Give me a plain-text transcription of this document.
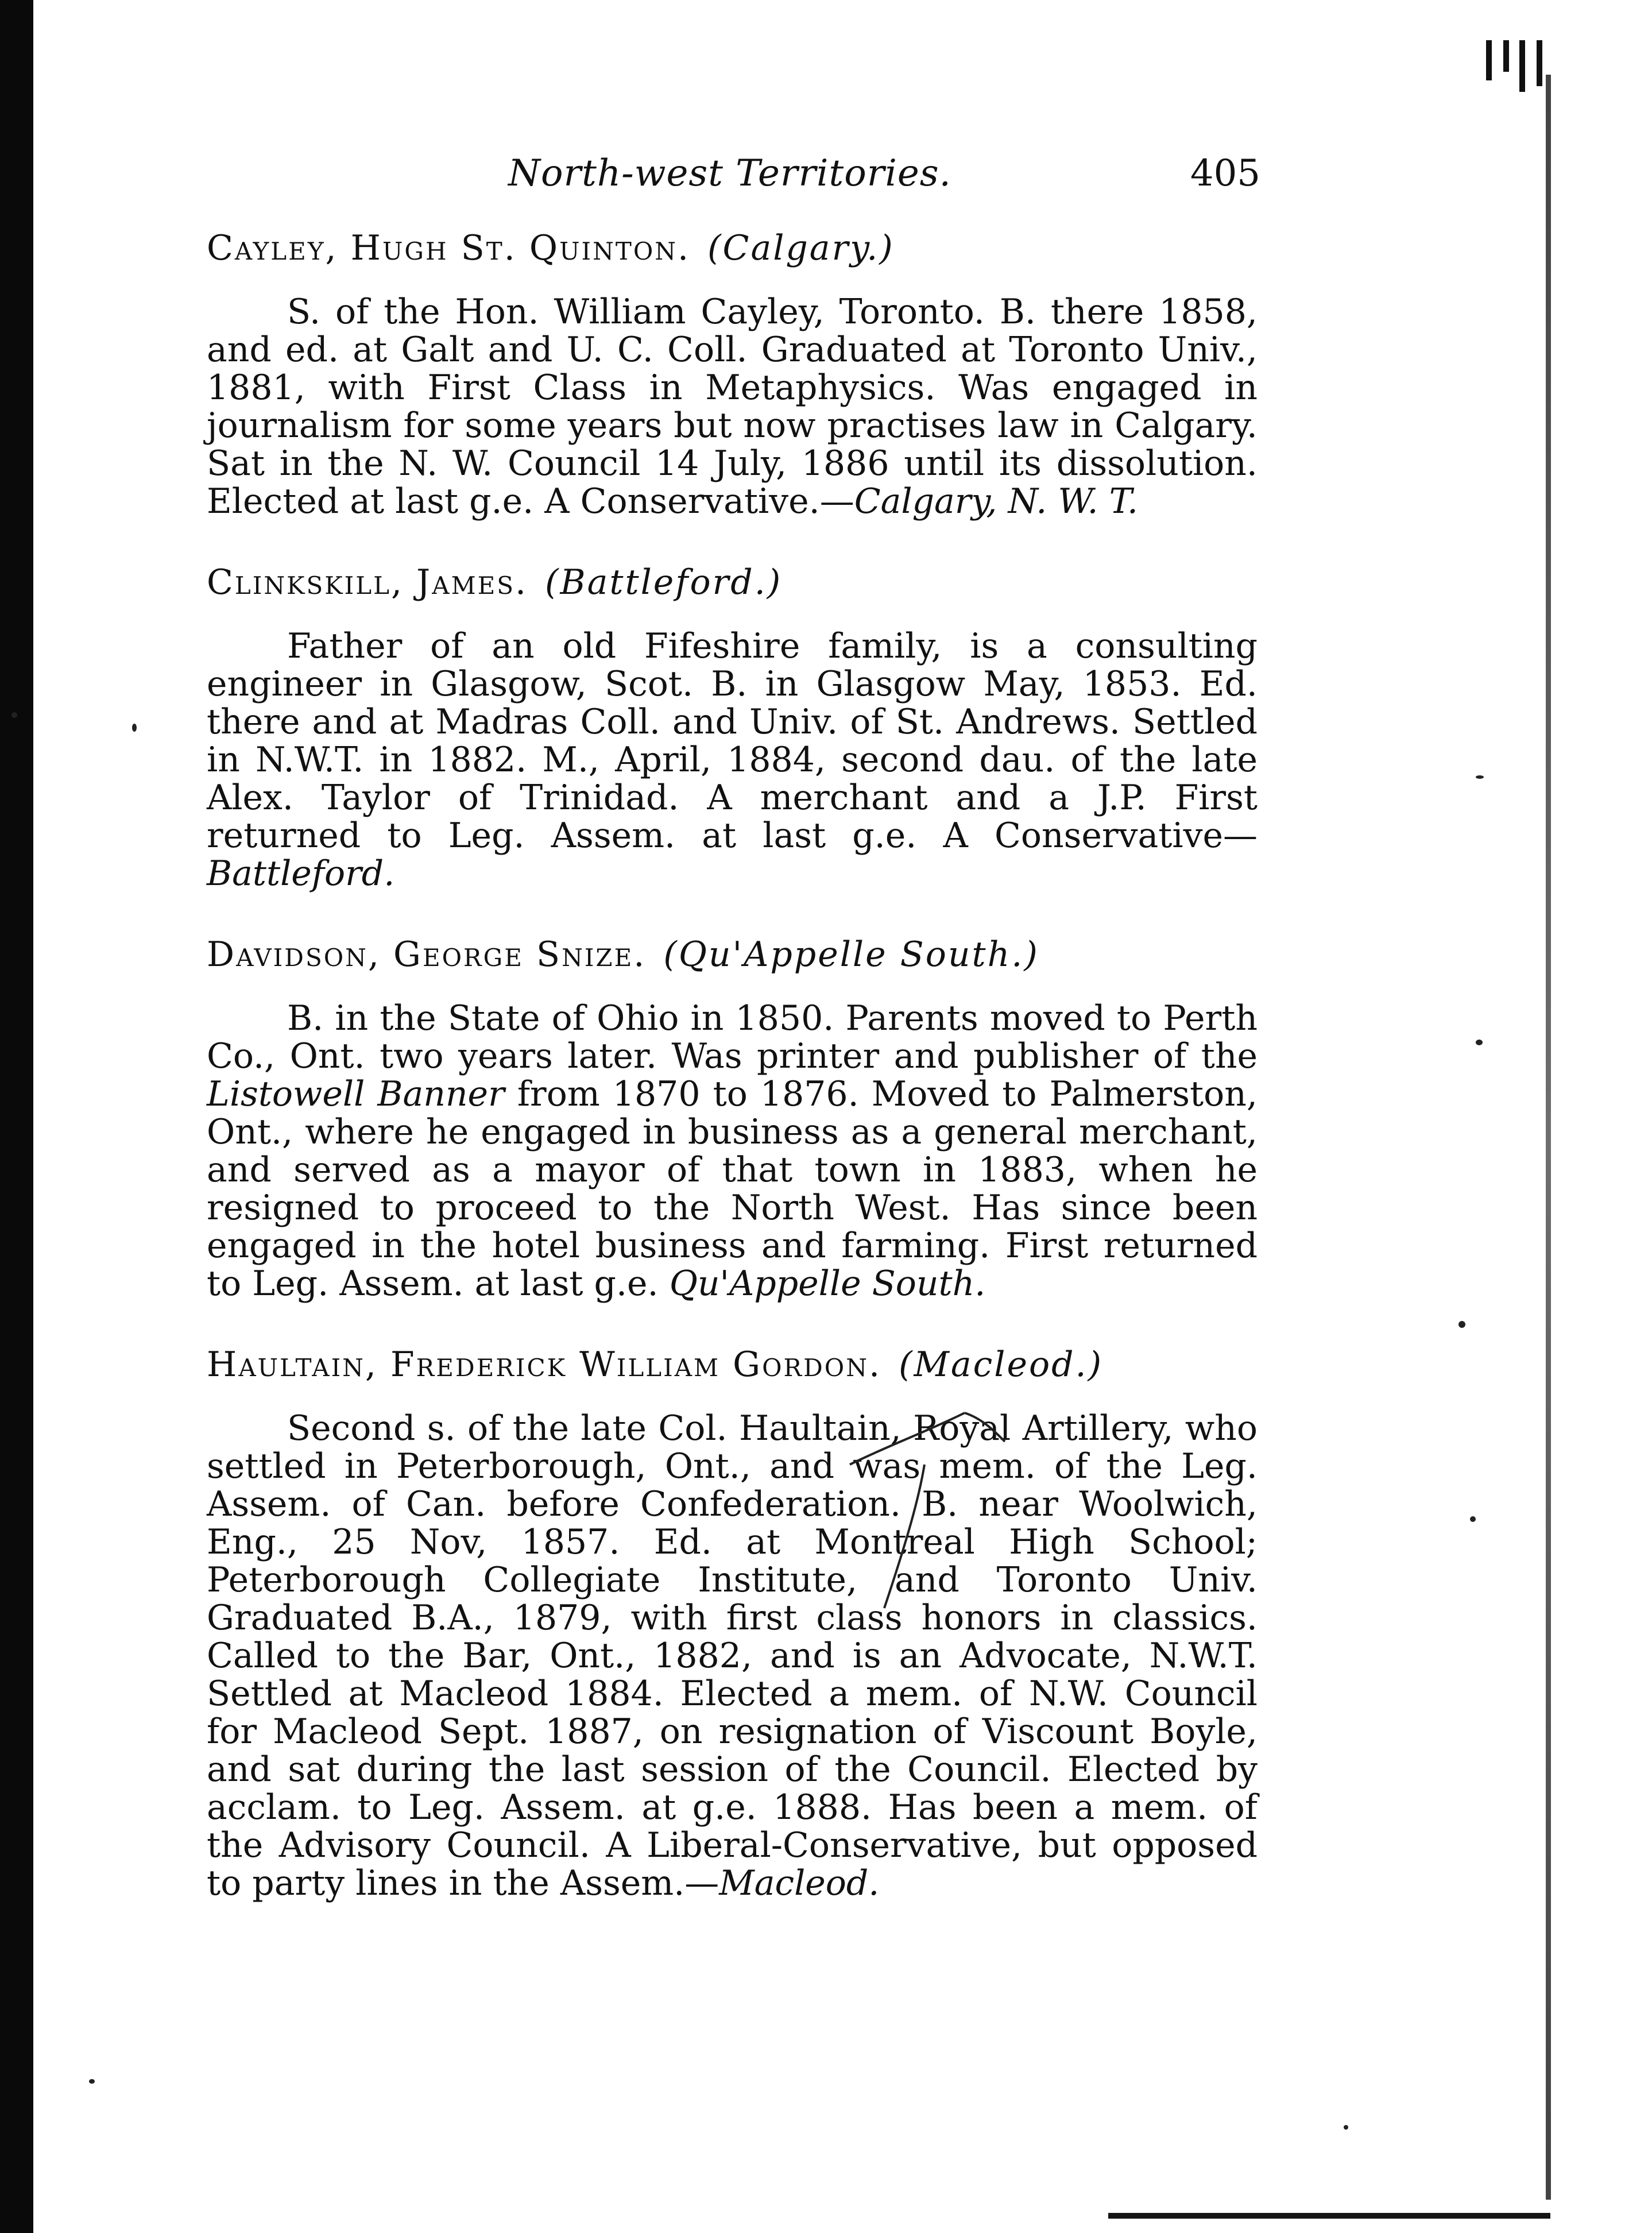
North-west Territories.	405

Cayley, Hugh St. Quinton. (Calgary.)

S. of the Hon. William Cayley, Toronto. B. there 1858, and ed. at Galt and U. C. Coll. Graduated at Toronto Univ., 1881, with First Class in Metaphysics. Was engaged in journalism for some years but now practises law in Calgary. Sat in the N. W. Council 14 July, 1886 until its dissolution. Elected at last g.e. A Conservative.—Calgary, N. W. T.

Clinkskill, James. (Battleford.)

Father of an old Fifeshire family, is a consulting engineer in Glasgow, Scot. B. in Glasgow May, 1853. Ed. there and at Madras Coll. and Univ. of St. Andrews. Settled in N.W.T. in 1882. M., April, 1884, second dau. of the late Alex. Taylor of Trinidad. A merchant and a J.P. First returned to Leg. Assem. at last g.e. A Conservative—Battleford.

Davidson, George Snize. (Qu'Appelle South.)

B. in the State of Ohio in 1850. Parents moved to Perth Co., Ont. two years later. Was printer and publisher of the Listowell Banner from 1870 to 1876. Moved to Palmerston, Ont., where he engaged in business as a general merchant, and served as a mayor of that town in 1883, when he resigned to proceed to the North West. Has since been engaged in the hotel business and farming. First returned to Leg. Assem. at last g.e. Qu'Appelle South.

Haultain, Frederick William Gordon. (Macleod.)

Second s. of the late Col. Haultain, Royal Artillery, who settled in Peterborough, Ont., and was mem. of the Leg. Assem. of Can. before Confederation. B. near Woolwich, Eng., 25 Nov, 1857. Ed. at Montreal High School; Peterborough Collegiate Institute, and Toronto Univ. Graduated B.A., 1879, with first class honors in classics. Called to the Bar, Ont., 1882, and is an Advocate, N.W.T. Settled at Macleod 1884. Elected a mem. of N.W. Council for Macleod Sept. 1887, on resignation of Viscount Boyle, and sat during the last session of the Council. Elected by acclam. to Leg. Assem. at g.e. 1888. Has been a mem. of the Advisory Council. A Liberal-Conservative, but opposed to party lines in the Assem.—Macleod.
